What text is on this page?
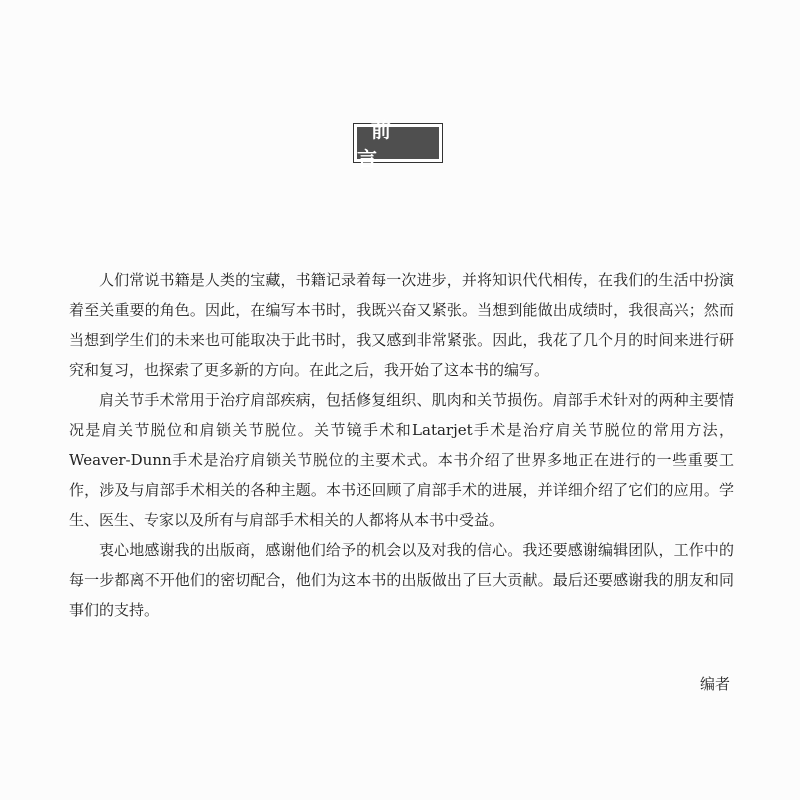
前 言

人们常说书籍是人类的宝藏，书籍记录着每一次进步，并将知识代代相传，在我们的生活中扮演着至关重要的角色。因此，在编写本书时，我既兴奋又紧张。当想到能做出成绩时，我很高兴；然而当想到学生们的未来也可能取决于此书时，我又感到非常紧张。因此，我花了几个月的时间来进行研究和复习，也探索了更多新的方向。在此之后，我开始了这本书的编写。

肩关节手术常用于治疗肩部疾病，包括修复组织、肌肉和关节损伤。肩部手术针对的两种主要情况是肩关节脱位和肩锁关节脱位。关节镜手术和Latarjet手术是治疗肩关节脱位的常用方法，Weaver-Dunn手术是治疗肩锁关节脱位的主要术式。本书介绍了世界多地正在进行的一些重要工作，涉及与肩部手术相关的各种主题。本书还回顾了肩部手术的进展，并详细介绍了它们的应用。学生、医生、专家以及所有与肩部手术相关的人都将从本书中受益。

衷心地感谢我的出版商，感谢他们给予的机会以及对我的信心。我还要感谢编辑团队，工作中的每一步都离不开他们的密切配合，他们为这本书的出版做出了巨大贡献。最后还要感谢我的朋友和同事们的支持。

编者
